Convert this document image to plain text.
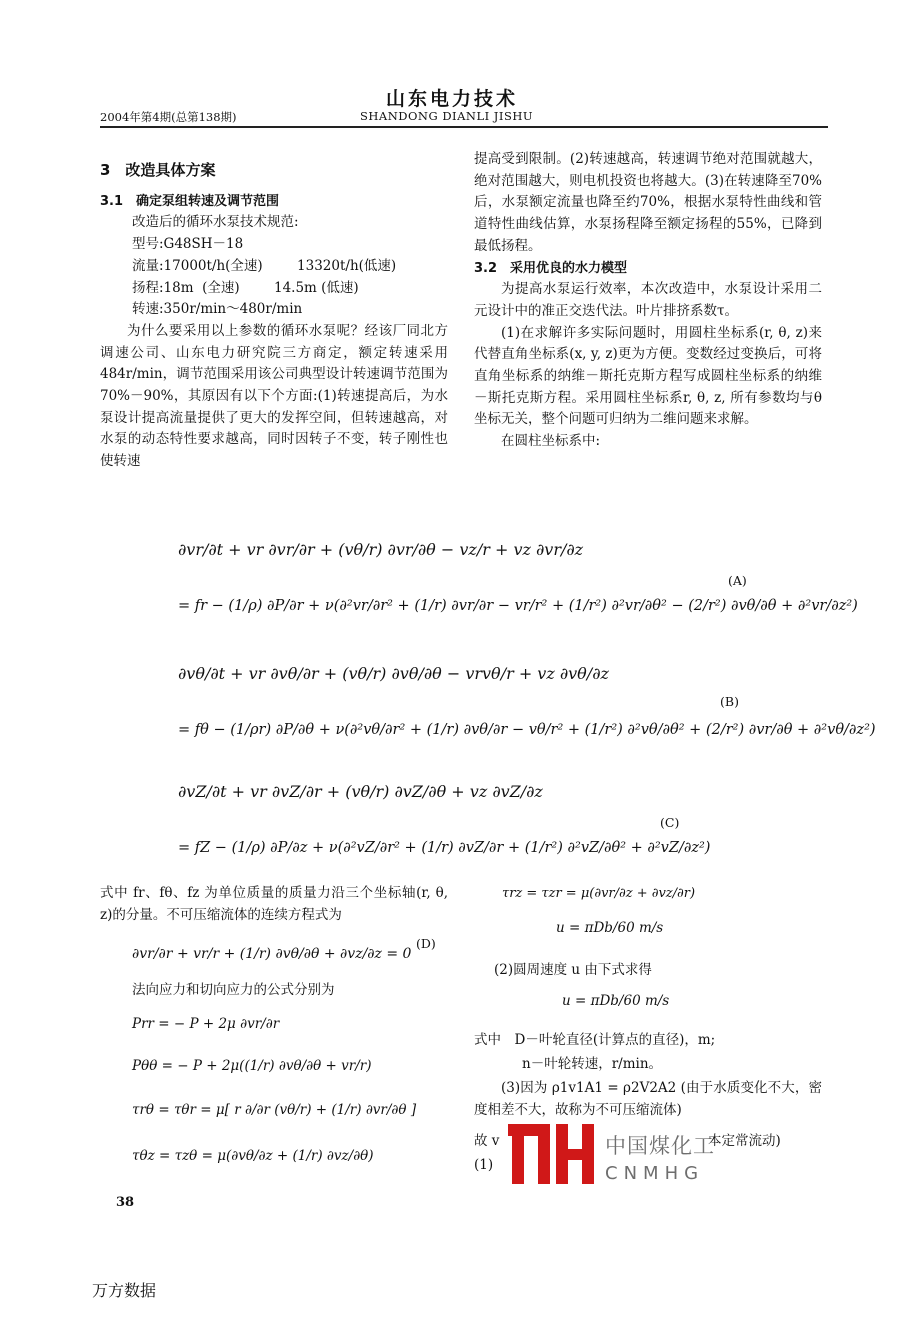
山东电力技术
2004年第4期(总第138期)	SHANDONG DIANLI JISHU

3　改造具体方案

3.1　确定泵组转速及调节范围

改造后的循环水泵技术规范:

型号:G48SH－18

流量:17000t/h(全速)        13320t/h(低速)

扬程:18m  (全速)        14.5m (低速)

转速:350r/min～480r/min

为什么要采用以上参数的循环水泵呢？经该厂同北方调速公司、山东电力研究院三方商定，额定转速采用484r/min，调节范围采用该公司典型设计转速调节范围为70%－90%，其原因有以下个方面:(1)转速提高后，为水泵设计提高流量提供了更大的发挥空间，但转速越高，对水泵的动态特性要求越高，同时因转子不变，转子刚性也使转速

提高受到限制。(2)转速越高，转速调节绝对范围就越大，绝对范围越大，则电机投资也将越大。(3)在转速降至70%后，水泵额定流量也降至约70%，根据水泵特性曲线和管道特性曲线估算，水泵扬程降至额定扬程的55%，已降到最低扬程。

3.2　采用优良的水力模型

为提高水泵运行效率，本次改造中，水泵设计采用二元设计中的准正交迭代法。叶片排挤系数τ。

(1)在求解许多实际问题时，用圆柱坐标系(r, θ, z)来代替直角坐标系(x, y, z)更为方便。变数经过变换后，可将直角坐标系的纳维－斯托克斯方程写成圆柱坐标系的纳维－斯托克斯方程。采用圆柱坐标系r, θ, z, 所有参数均与θ坐标无关，整个问题可归纳为二维问题来求解。

在圆柱坐标系中:

∂vr/∂t + vr ∂vr/∂r + (vθ/r) ∂vr/∂θ − vz/r + vz ∂vr/∂z
= fr − (1/ρ) ∂P/∂r + ν(∂²vr/∂r² + (1/r) ∂vr/∂r − vr/r² + (1/r²) ∂²vr/∂θ² − (2/r²) ∂vθ/∂θ + ∂²vr/∂z²)
(A)
∂vθ/∂t + vr ∂vθ/∂r + (vθ/r) ∂vθ/∂θ − vrvθ/r + vz ∂vθ/∂z
= fθ − (1/ρr) ∂P/∂θ + ν(∂²vθ/∂r² + (1/r) ∂vθ/∂r − vθ/r² + (1/r²) ∂²vθ/∂θ² + (2/r²) ∂vr/∂θ + ∂²vθ/∂z²)
(B)
∂vZ/∂t + vr ∂vZ/∂r + (vθ/r) ∂vZ/∂θ + vz ∂vZ/∂z
= fZ − (1/ρ) ∂P/∂z + ν(∂²vZ/∂r² + (1/r) ∂vZ/∂r + (1/r²) ∂²vZ/∂θ² + ∂²vZ/∂z²)
(C)
式中 fr、fθ、fz 为单位质量的质量力沿三个坐标轴(r, θ, z)的分量。不可压缩流体的连续方程式为
∂vr/∂r + vr/r + (1/r) ∂vθ/∂θ + ∂vz/∂z = 0
(D)
法向应力和切向应力的公式分别为
Prr = − P + 2μ ∂vr/∂r
Pθθ = − P + 2μ((1/r) ∂vθ/∂θ + vr/r)
τrθ = τθr = μ[ r ∂/∂r (vθ/r) + (1/r) ∂vr/∂θ ]
τθz = τzθ = μ(∂vθ/∂z + (1/r) ∂vz/∂θ)
τrz = τzr = μ(∂vr/∂z + ∂vz/∂r)
u = πDb/60 m/s
(2)圆周速度 u 由下式求得
u = πDb/60 m/s
式中　D－叶轮直径(计算点的直径)，m;
n－叶轮转速，r/min。
(3)因为 ρ1v1A1 = ρ2V2A2 (由于水质变化不大，密度相差不大，故称为不可压缩流体)
故 v	本定常流动)
(1)
中国煤化工
CNMHG
38
万方数据
